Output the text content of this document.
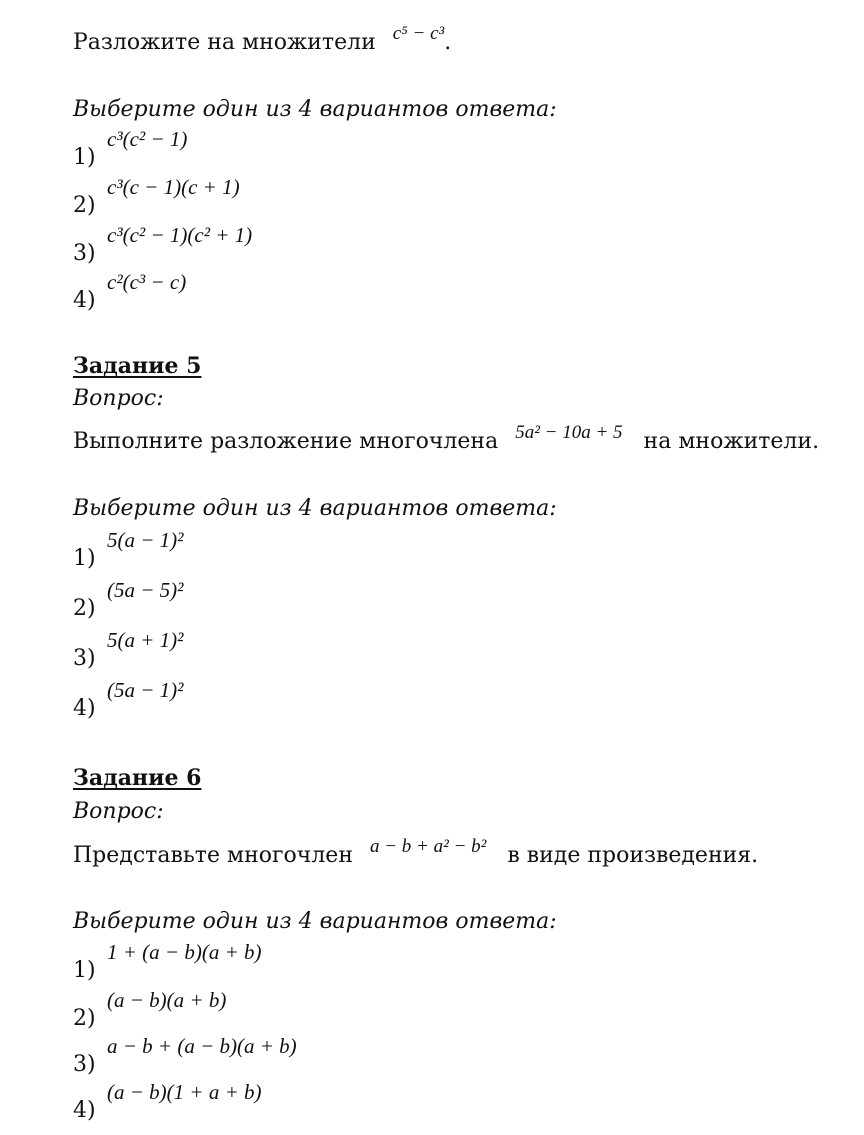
Разложите на множители c⁵ − c³.
Выберите один из 4 вариантов ответа:
1)
c³(c² − 1)
2)
c³(c − 1)(c + 1)
3)
c³(c² − 1)(c² + 1)
4)
c²(c³ − c)
Задание 5
Вопрос:
Выполните разложение многочлена 5a² − 10a + 5 на множители.
Выберите один из 4 вариантов ответа:
1)
5(a − 1)²
2)
(5a − 5)²
3)
5(a + 1)²
4)
(5a − 1)²
Задание 6
Вопрос:
Представьте многочлен a − b + a² − b² в виде произведения.
Выберите один из 4 вариантов ответа:
1)
1 + (a − b)(a + b)
2)
(a − b)(a + b)
3)
a − b + (a − b)(a + b)
4)
(a − b)(1 + a + b)
